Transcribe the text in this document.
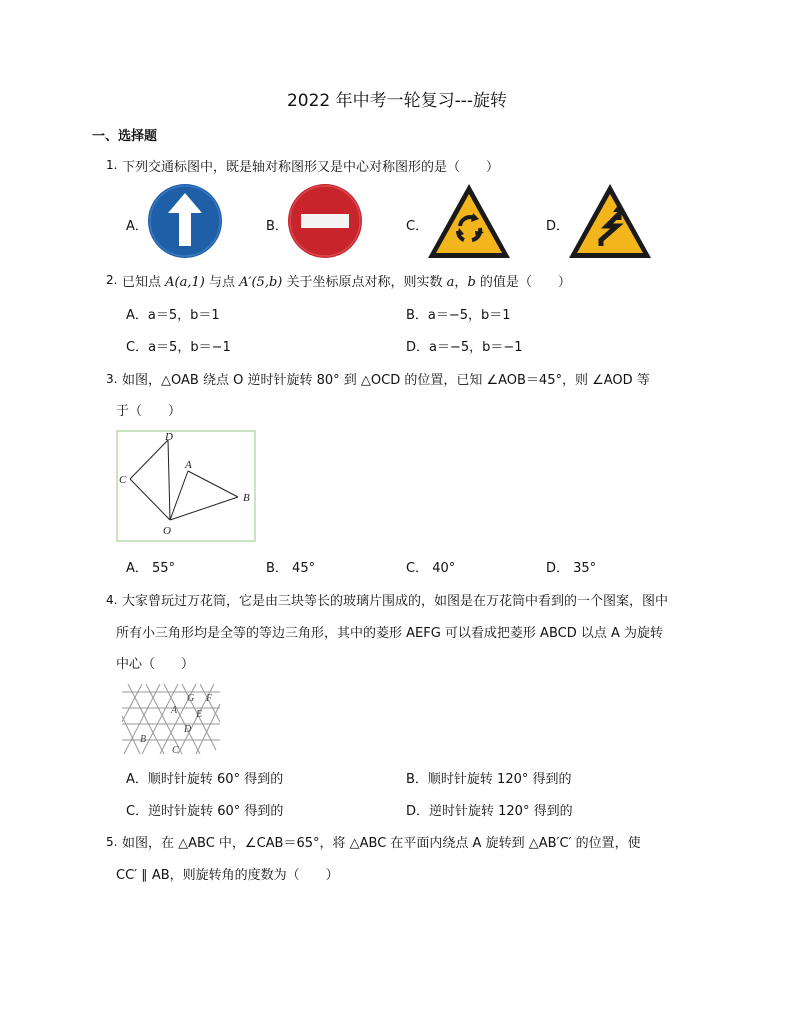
2022 年中考一轮复习---旋转
一、选择题
1. 下列交通标图中，既是轴对称图形又是中心对称图形的是（　　）
A．	B．	C．	D．
2. 已知点 A(a,1) 与点 A′(5,b) 关于坐标原点对称，则实数 a，b 的值是（　　）
A．a＝5，b＝1	B．a＝−5，b＝1
C．a＝5，b＝−1	D．a＝−5，b＝−1
3. 如图，△OAB 绕点 O 逆时针旋转 80° 到 △OCD 的位置，已知 ∠AOB＝45°，则 ∠AOD 等
于（　　）
D
C
A
B
O
A． 55°	B． 45°	C． 40°	D． 35°
4. 大家曾玩过万花筒，它是由三块等长的玻璃片围成的，如图是在万花筒中看到的一个图案，图中
所有小三角形均是全等的等边三角形，其中的菱形 AEFG 可以看成把菱形 ABCD 以点 A 为旋转
中心（　　）
G F
A E
B
D
C
A．顺时针旋转 60° 得到的	B．顺时针旋转 120° 得到的
C．逆时针旋转 60° 得到的	D．逆时针旋转 120° 得到的
5. 如图，在 △ABC 中，∠CAB＝65°，将 △ABC 在平面内绕点 A 旋转到 △AB′C′ 的位置，使
CC′ ∥ AB，则旋转角的度数为（　　）
